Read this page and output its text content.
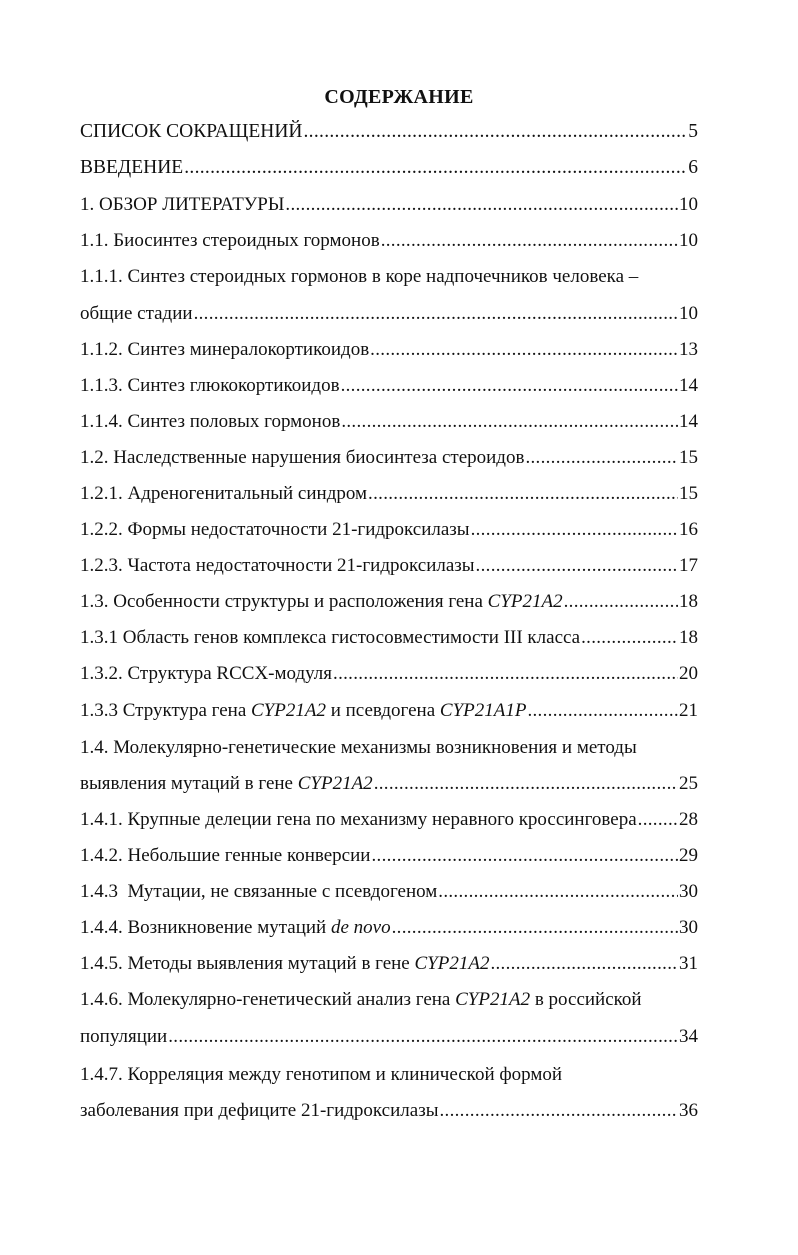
СОДЕРЖАНИЕ
СПИСОК СОКРАЩЕНИЙ .....	5
ВВЕДЕНИЕ .....	6
1. ОБЗОР ЛИТЕРАТУРЫ .....	10
1.1. Биосинтез стероидных гормонов .....	10
1.1.1. Синтез стероидных гормонов в коре надпочечников человека –
общие стадии .....	10
1.1.2. Синтез минералокортикоидов .....	13
1.1.3. Синтез глюкокортикоидов .....	14
1.1.4. Синтез половых гормонов .....	14
1.2. Наследственные нарушения биосинтеза стероидов .....	15
1.2.1. Адреногенитальный синдром .....	15
1.2.2. Формы недостаточности 21-гидроксилазы .....	16
1.2.3. Частота недостаточности 21-гидроксилазы .....	17
1.3. Особенности структуры и расположения гена CYP21A2 .....	18
1.3.1 Область генов комплекса гистосовместимости III класса .....	18
1.3.2. Структура RCCX-модуля .....	20
1.3.3 Структура гена CYP21A2 и псевдогена CYP21A1P .....	21
1.4. Молекулярно-генетические механизмы возникновения и методы
выявления мутаций в гене CYP21A2 .....	25
1.4.1. Крупные делеции гена по механизму неравного кроссинговера ..... 28
1.4.2. Небольшие генные конверсии .....	29
1.4.3  Мутации, не связанные с псевдогеном .....	30
1.4.4. Возникновение мутаций de novo .....	30
1.4.5. Методы выявления мутаций в гене CYP21A2 .....	31
1.4.6. Молекулярно-генетический анализ гена CYP21A2 в российской
популяции .....	34
1.4.7. Корреляция между генотипом и клинической формой
заболевания при дефиците 21-гидроксилазы .....	36
